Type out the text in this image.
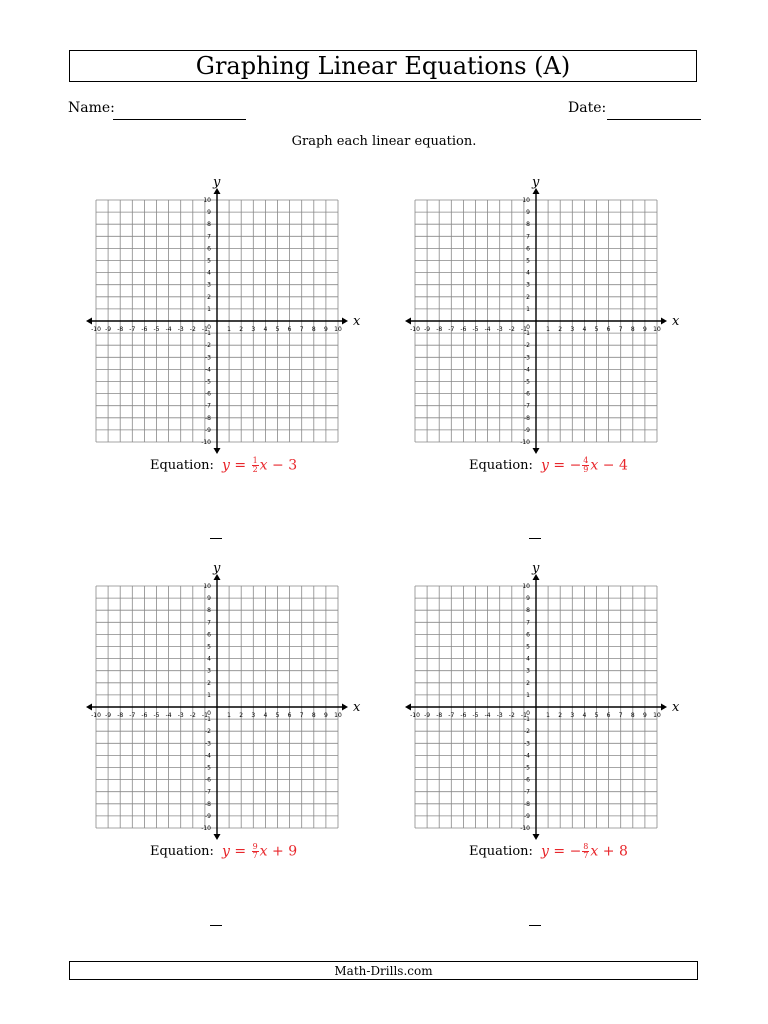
Graphing Linear Equations (A)
Name:	Date:
Graph each linear equation.
x
y
-10
-10
-9
-9
-8
-8
-7
-7
-6
-6
-5
-5
-4
-4
-3
-3
-2
-2
-1
-1
1
1
2
2
3
3
4
4
5
5
6
6
7
7
8
8
9
9
10
10
0
Equation: $y = \frac{1}{2}$ x − 3
x
y
-10
-10
-9
-9
-8
-8
-7
-7
-6
-6
-5
-5
-4
-4
-3
-3
-2
-2
-1
-1
1
1
2
2
3
3
4
4
5
5
6
6
7
7
8
8
9
9
10
10
0
Equation: y = − $\frac{4}{9}$ x − 4
x
y
-10
-10
-9
-9
-8
-8
-7
-7
-6
-6
-5
-5
-4
-4
-3
-3
-2
-2
-1
-1
1
1
2
2
3
3
4
4
5
5
6
6
7
7
8
8
9
9
10
10
0
Equation: $y = \frac{9}{7}$ x + 9
x
y
-10
-10
-9
-9
-8
-8
-7
-7
-6
-6
-5
-5
-4
-4
-3
-3
-2
-2
-1
-1
1
1
2
2
3
3
4
4
5
5
6
6
7
7
8
8
9
9
10
10
0
Equation: y = − $\frac{8}{7}$ x + 8
Math-Drills.com
